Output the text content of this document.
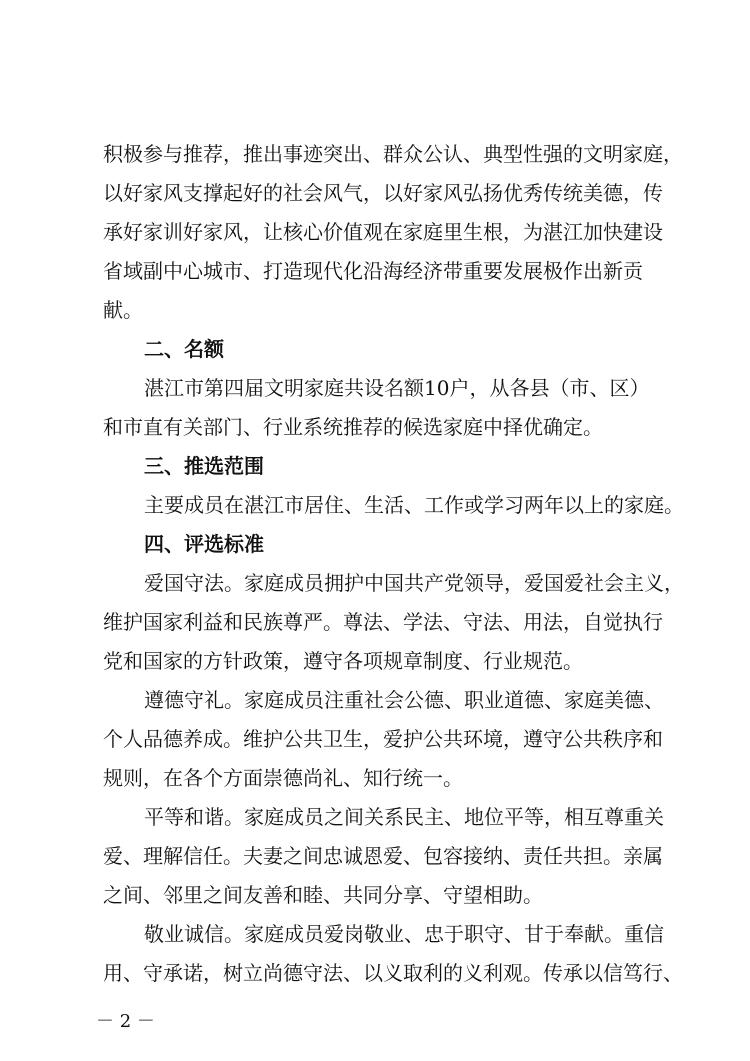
积极参与推荐，推出事迹突出、群众公认、典型性强的文明家庭，
以好家风支撑起好的社会风气，以好家风弘扬优秀传统美德，传
承好家训好家风，让核心价值观在家庭里生根，为湛江加快建设
省域副中心城市、打造现代化沿海经济带重要发展极作出新贡
献。
二、名额
湛江市第四届文明家庭共设名额10户，从各县（市、区）
和市直有关部门、行业系统推荐的候选家庭中择优确定。
三、推选范围
主要成员在湛江市居住、生活、工作或学习两年以上的家庭。
四、评选标准
爱国守法。家庭成员拥护中国共产党领导，爱国爱社会主义，
维护国家利益和民族尊严。尊法、学法、守法、用法，自觉执行
党和国家的方针政策，遵守各项规章制度、行业规范。
遵德守礼。家庭成员注重社会公德、职业道德、家庭美德、
个人品德养成。维护公共卫生，爱护公共环境，遵守公共秩序和
规则，在各个方面崇德尚礼、知行统一。
平等和谐。家庭成员之间关系民主、地位平等，相互尊重关
爱、理解信任。夫妻之间忠诚恩爱、包容接纳、责任共担。亲属
之间、邻里之间友善和睦、共同分享、守望相助。
敬业诚信。家庭成员爱岗敬业、忠于职守、甘于奉献。重信
用、守承诺，树立尚德守法、以义取利的义利观。传承以信笃行、
－ 2 －
